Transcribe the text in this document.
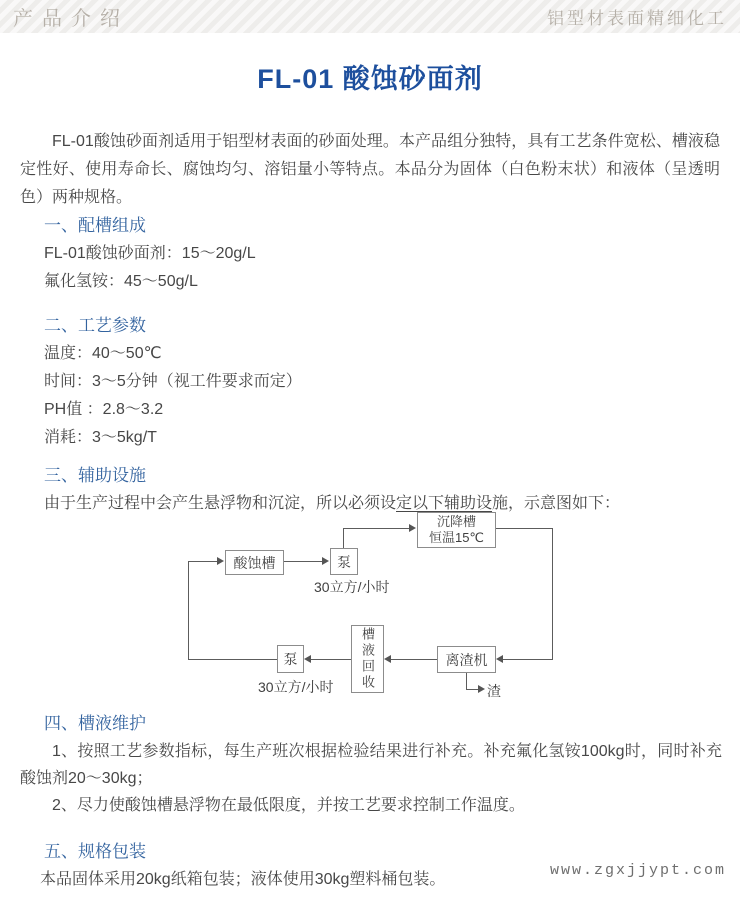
产品介绍	铝型材表面精细化工
FL-01 酸蚀砂面剂

FL-01酸蚀砂面剂适用于铝型材表面的砂面处理。本产品组分独特，具有工艺条件宽松、槽液稳定性好、使用寿命长、腐蚀均匀、溶铝量小等特点。本品分为固体（白色粉末状）和液体（呈透明色）两种规格。

一、配槽组成
FL-01酸蚀砂面剂：15～20g/L
氟化氢铵：45～50g/L
二、工艺参数
温度：40～50℃
时间：3～5分钟（视工件要求而定）
PH值 ：2.8～3.2
消耗：3～5kg/T
三、辅助设施
由于生产过程中会产生悬浮物和沉淀，所以必须设定以下辅助设施，示意图如下：
沉降槽
恒温15℃
酸蚀槽	泵
槽液回收	离渣机
泵
30立方/小时
30立方/小时	渣
四、槽液维护

1、按照工艺参数指标，每生产班次根据检验结果进行补充。补充氟化氢铵100kg时，同时补充酸蚀剂20～30kg；

2、尽力使酸蚀槽悬浮物在最低限度，并按工艺要求控制工作温度。

五、规格包装
本品固体采用20kg纸箱包装；液体使用30kg塑料桶包装。
www.zgxjjypt.com
